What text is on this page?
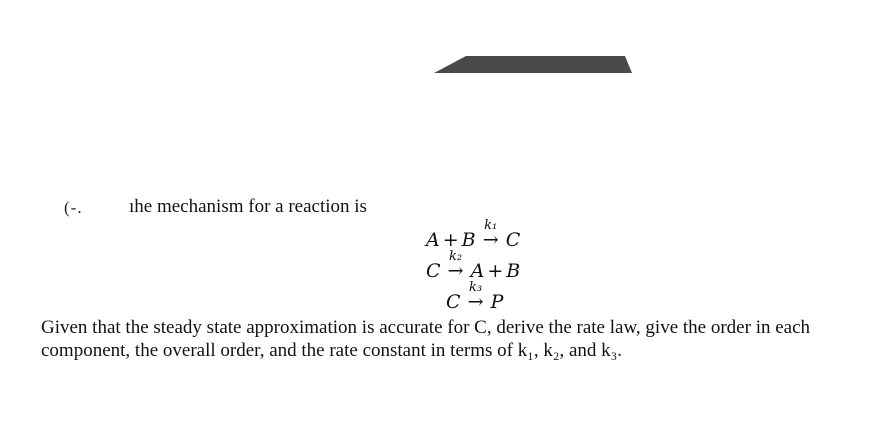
(-. ıhe mechanism for a reaction is
A + B
k₁
→ C
C
k₂
→ A + B
C
k₃
→ P

Given that the steady state approximation is accurate for C, derive the rate law, give the order in each

component, the overall order, and the rate constant in terms of k₁, k₂, and k₃.
